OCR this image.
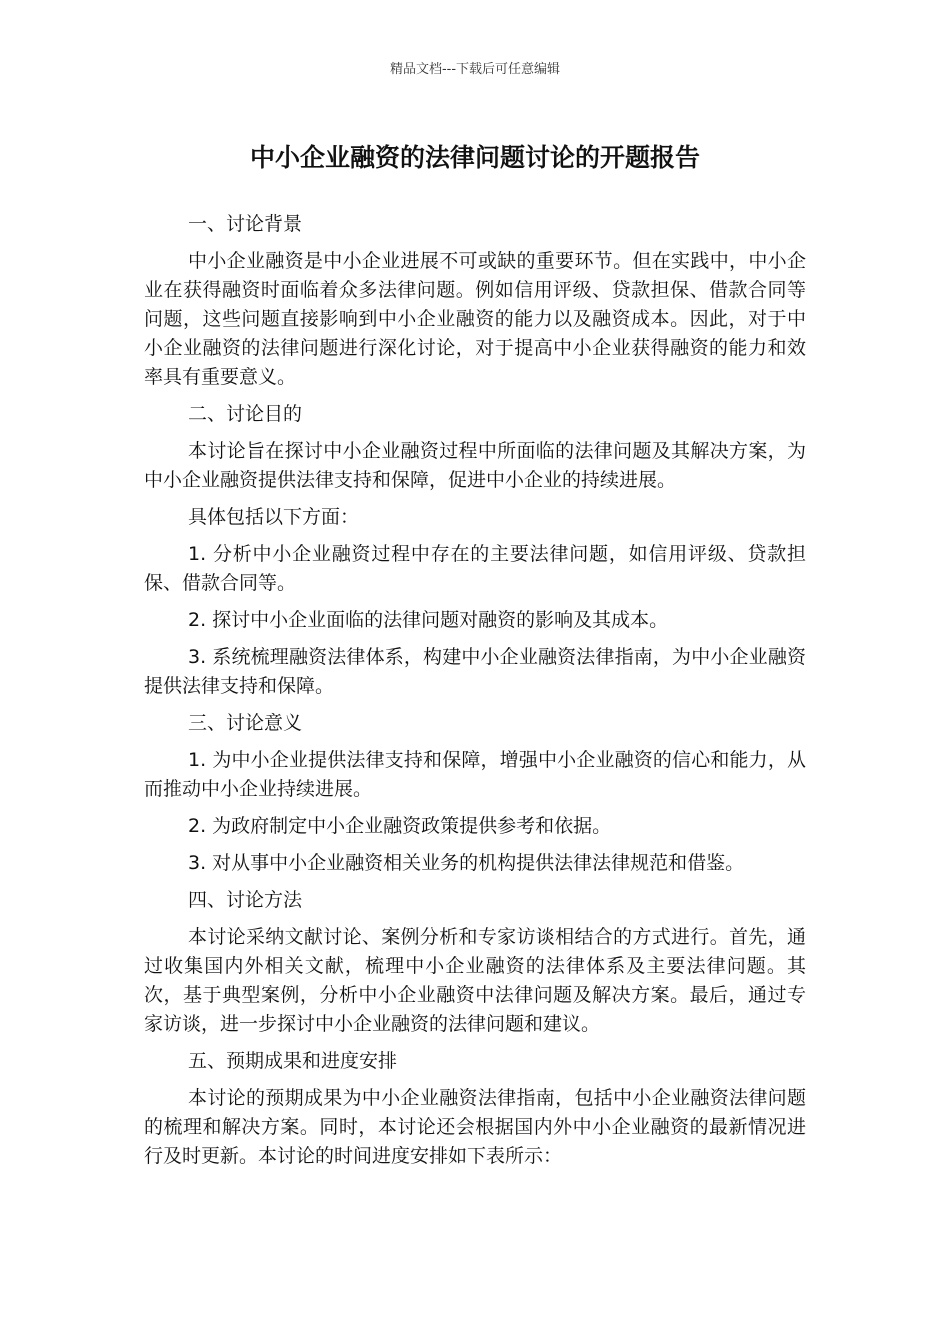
精品文档---下载后可任意编辑
中小企业融资的法律问题讨论的开题报告

一、讨论背景

中小企业融资是中小企业进展不可或缺的重要环节。但在实践中，中小企业在获得融资时面临着众多法律问题。例如信用评级、贷款担保、借款合同等问题，这些问题直接影响到中小企业融资的能力以及融资成本。因此，对于中小企业融资的法律问题进行深化讨论，对于提高中小企业获得融资的能力和效率具有重要意义。

二、讨论目的

本讨论旨在探讨中小企业融资过程中所面临的法律问题及其解决方案，为中小企业融资提供法律支持和保障，促进中小企业的持续进展。

具体包括以下方面：

1. 分析中小企业融资过程中存在的主要法律问题，如信用评级、贷款担保、借款合同等。

2. 探讨中小企业面临的法律问题对融资的影响及其成本。

3. 系统梳理融资法律体系，构建中小企业融资法律指南，为中小企业融资提供法律支持和保障。

三、讨论意义

1. 为中小企业提供法律支持和保障，增强中小企业融资的信心和能力，从而推动中小企业持续进展。

2. 为政府制定中小企业融资政策提供参考和依据。

3. 对从事中小企业融资相关业务的机构提供法律法律规范和借鉴。

四、讨论方法

本讨论采纳文献讨论、案例分析和专家访谈相结合的方式进行。首先，通过收集国内外相关文献，梳理中小企业融资的法律体系及主要法律问题。其次，基于典型案例，分析中小企业融资中法律问题及解决方案。最后，通过专家访谈，进一步探讨中小企业融资的法律问题和建议。

五、预期成果和进度安排

本讨论的预期成果为中小企业融资法律指南，包括中小企业融资法律问题的梳理和解决方案。同时，本讨论还会根据国内外中小企业融资的最新情况进行及时更新。本讨论的时间进度安排如下表所示：
